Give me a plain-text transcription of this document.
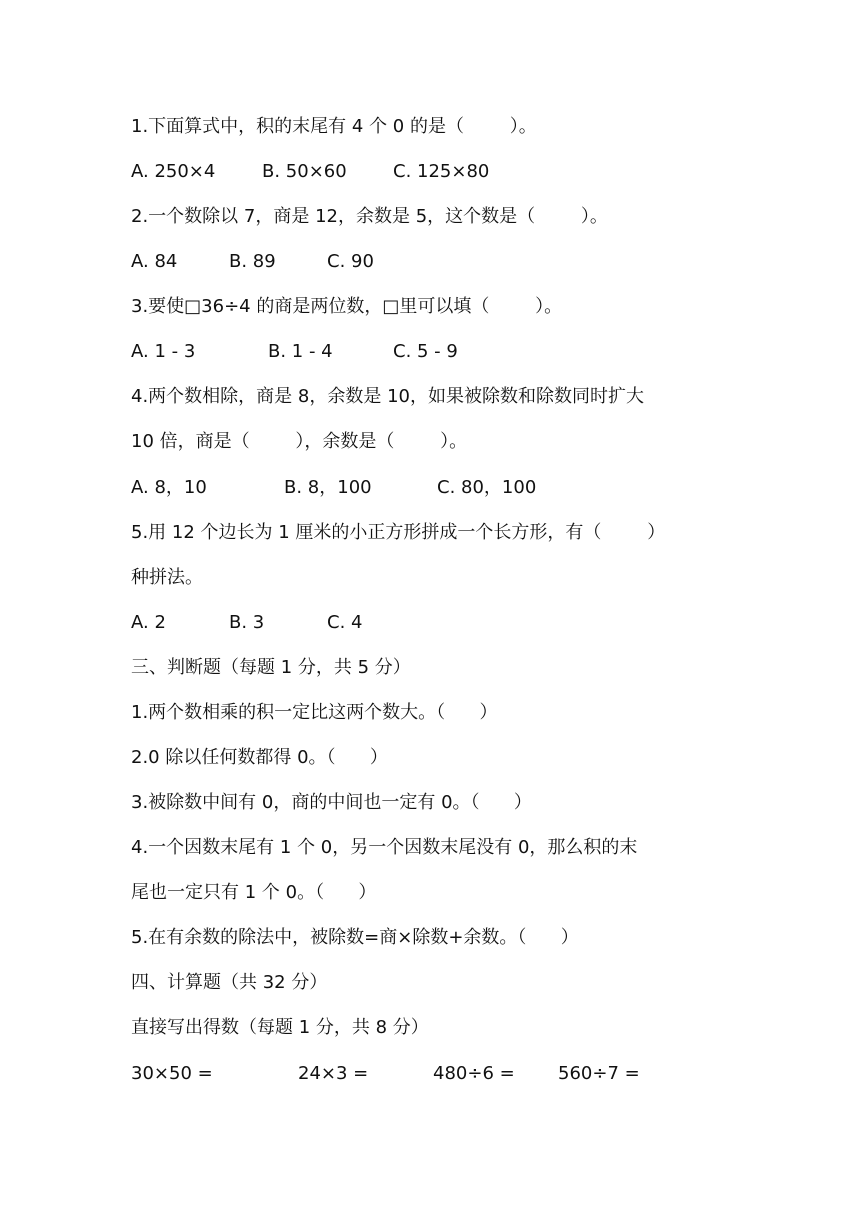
1.下面算式中，积的末尾有 4 个 0 的是（        ）。

A. 250×4	B. 50×60	C. 125×80

2.一个数除以 7，商是 12，余数是 5，这个数是（        ）。

A. 84	B. 89	C. 90

3.要使□36÷4 的商是两位数，□里可以填（        ）。

A. 1 - 3	B. 1 - 4	C. 5 - 9

4.两个数相除，商是 8，余数是 10，如果被除数和除数同时扩大

10 倍，商是（        ），余数是（        ）。

A. 8，10	B. 8，100	C. 80，100

5.用 12 个边长为 1 厘米的小正方形拼成一个长方形，有（        ）

种拼法。

A. 2	B. 3	C. 4

三、判断题（每题 1 分，共 5 分）

1.两个数相乘的积一定比这两个数大。（      ）

2.0 除以任何数都得 0。（      ）

3.被除数中间有 0，商的中间也一定有 0。（      ）

4.一个因数末尾有 1 个 0，另一个因数末尾没有 0，那么积的末

尾也一定只有 1 个 0。（      ）

5.在有余数的除法中，被除数=商×除数+余数。（      ）

四、计算题（共 32 分）

直接写出得数（每题 1 分，共 8 分）

30×50 =	24×3 =	480÷6 = 560÷7 =
